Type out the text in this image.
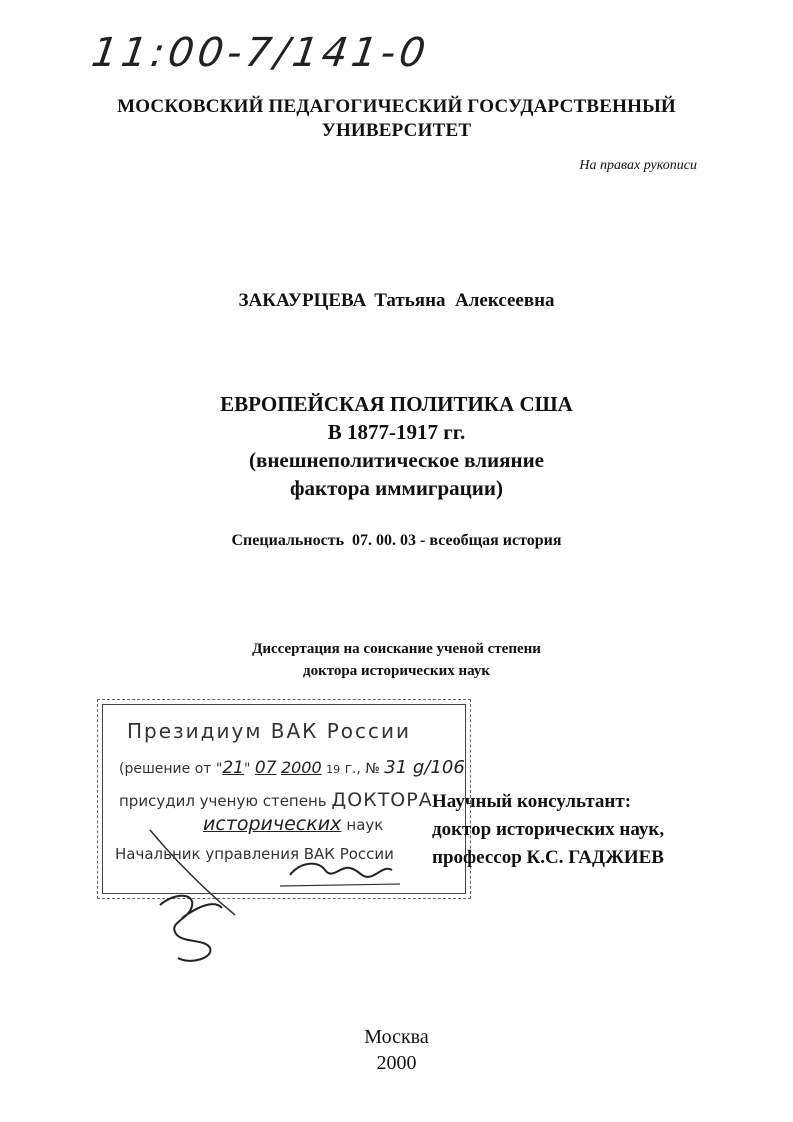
11:00-7/141-0
МОСКОВСКИЙ ПЕДАГОГИЧЕСКИЙ ГОСУДАРСТВЕННЫЙ
УНИВЕРСИТЕТ
На правах рукописи
ЗАКАУРЦЕВА Татьяна  Алексеевна
ЕВРОПЕЙСКАЯ ПОЛИТИКА США
В 1877-1917 гг.
(внешнеполитическое влияние
фактора иммиграции)
Специальность  07. 00. 03 - всеобщая история
Диссертация на соискание ученой степени
доктора исторических наук
Президиум ВАК России
(решение от "21" 07 2000 19 г., № 31 g/106
присудил ученую степень ДОКТОРА
исторических наук
Начальник управления ВАК России
Научный консультант:
доктор исторических наук,
профессор К.С. ГАДЖИЕВ
Москва
2000
